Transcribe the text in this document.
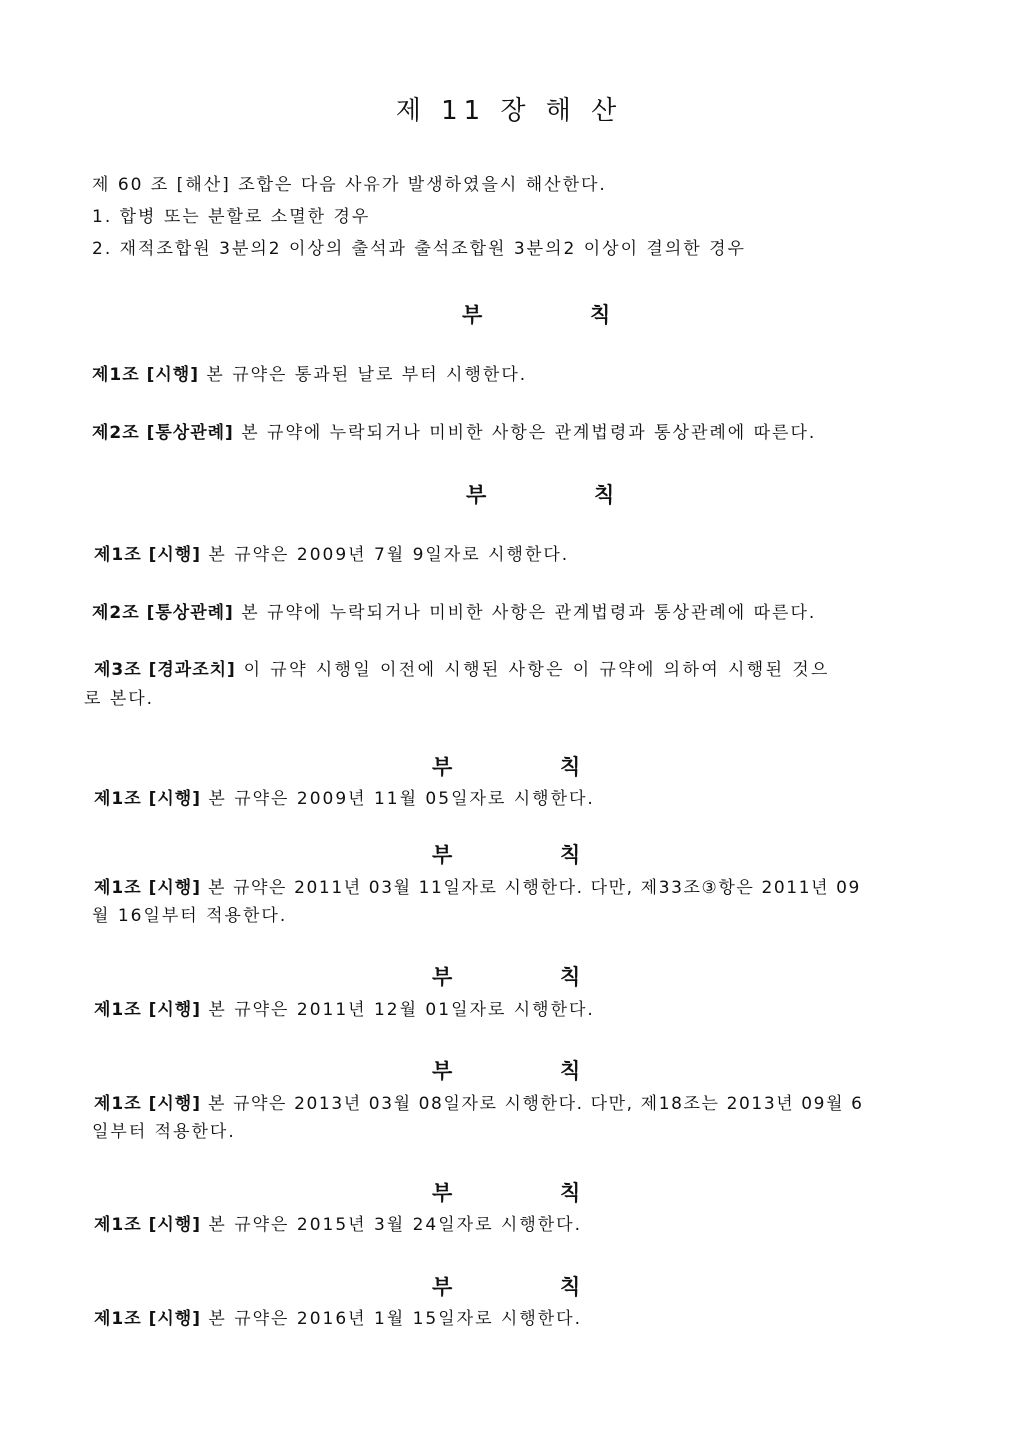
제 11 장 해 산
제 60 조 [해산] 조합은 다음 사유가 발생하였을시 해산한다.
1. 합병 또는 분할로 소멸한 경우
2. 재적조합원 3분의2 이상의 출석과 출석조합원 3분의2 이상이 결의한 경우
부	칙
제1조 [시행] 본 규약은 통과된 날로 부터 시행한다.
제2조 [통상관례] 본 규약에 누락되거나 미비한 사항은 관계법령과 통상관례에 따른다.
부	칙
제1조 [시행] 본 규약은 2009년 7월 9일자로 시행한다.
제2조 [통상관례] 본 규약에 누락되거나 미비한 사항은 관계법령과 통상관례에 따른다.
제3조 [경과조치] 이 규약 시행일 이전에 시행된 사항은 이 규약에 의하여 시행된 것으
로 본다.
부	칙
제1조 [시행] 본 규약은 2009년 11월 05일자로 시행한다.
부	칙
제1조 [시행] 본 규약은 2011년 03월 11일자로 시행한다. 다만, 제33조③항은 2011년 09
월 16일부터 적용한다.
부	칙
제1조 [시행] 본 규약은 2011년 12월 01일자로 시행한다.
부	칙
제1조 [시행] 본 규약은 2013년 03월 08일자로 시행한다. 다만, 제18조는 2013년 09월 6
일부터 적용한다.
부	칙
제1조 [시행] 본 규약은 2015년 3월 24일자로 시행한다.
부	칙
제1조 [시행] 본 규약은 2016년 1월 15일자로 시행한다.
